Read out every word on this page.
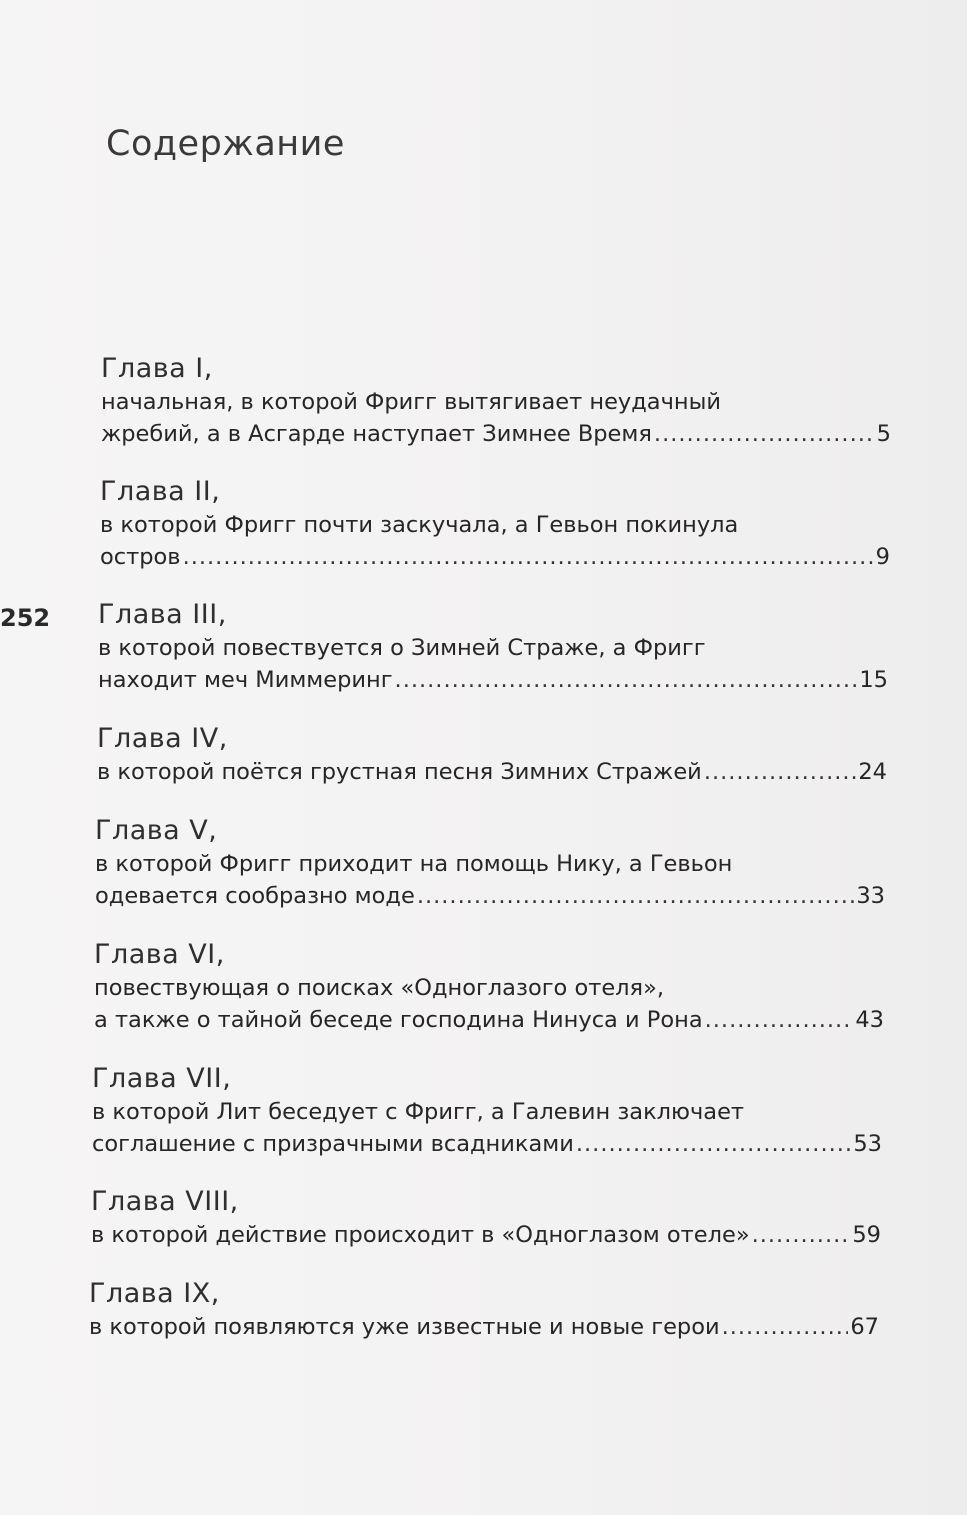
Содержание
252
Глава I,
начальная, в которой Фригг вытягивает неудачный
жребий, а в Асгарде наступает Зимнее Время .....	5
Глава II,
в которой Фригг почти заскучала, а Гевьон покинула
остров .....	9
Глава III,
в которой повествуется о Зимней Страже, а Фригг
находит меч Миммеринг .....	15
Глава IV,
в которой поётся грустная песня Зимних Стражей .....	24
Глава V,
в которой Фригг приходит на помощь Нику, а Гевьон
одевается сообразно моде .....	33
Глава VI,
повествующая о поисках «Одноглазого отеля»,
а также о тайной беседе господина Нинуса и Рона .....	43
Глава VII,
в которой Лит беседует с Фригг, а Галевин заключает
соглашение с призрачными всадниками .....	53
Глава VIII,
в которой действие происходит в «Одноглазом отеле» .....	59
Глава IX,
в которой появляются уже известные и новые герои .....	67
